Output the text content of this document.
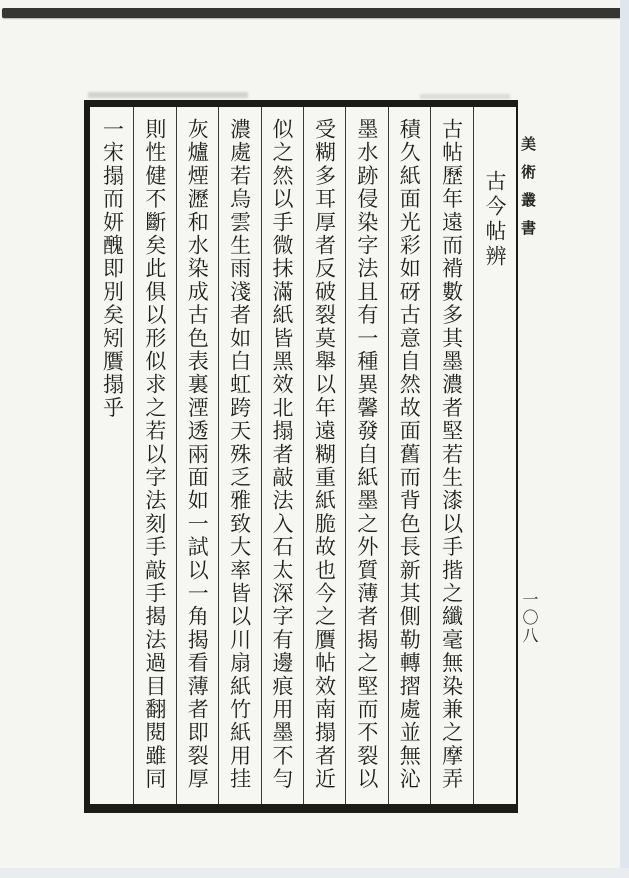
美術叢書
一〇八
古今帖辨 古帖歷年遠而褙數多其墨濃者堅若生漆以手揩之纖毫無染兼之摩弄 積久紙面光彩如砑古意自然故面舊而背色長新其側勒轉摺處並無沁 墨水跡侵染字法且有一種異馨發自紙墨之外質薄者揭之堅而不裂以 受糊多耳厚者反破裂莫舉以年遠糊重紙脆故也今之贋帖效南搨者近 似之然以手微抹滿紙皆黑效北搨者敲法入石太深字有邊痕用墨不勻 濃處若烏雲生雨淺者如白虹跨天殊乏雅致大率皆以川扇紙竹紙用挂 灰爐煙瀝和水染成古色表裏湮透兩面如一試以一角揭看薄者即裂厚 則性健不斷矣此俱以形似求之若以字法刻手敲手揭法過目翻閱雖同 一宋搨而妍醜即別矣矧贋搨乎
